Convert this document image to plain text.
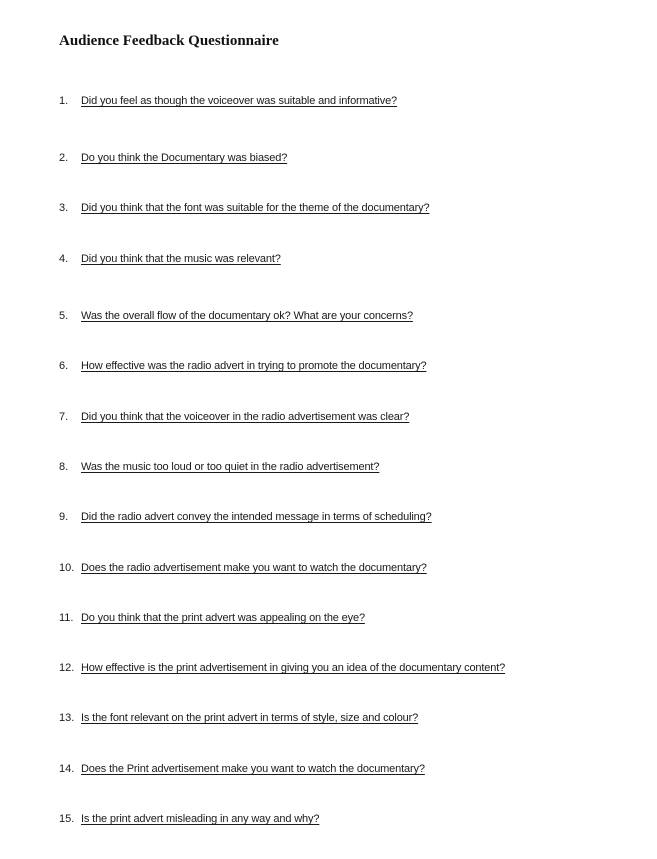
Audience Feedback Questionnaire
1.	Did you feel as though the voiceover was suitable and informative?
2.	Do you think the Documentary was biased?
3.	Did you think that the font was suitable for the theme of the documentary?
4.	Did you think that the music was relevant?
5.	Was the overall flow of the documentary ok? What are your concerns?
6.	How effective was the radio advert in trying to promote the documentary?
7.	Did you think that the voiceover in the radio advertisement was clear?
8.	Was the music too loud or too quiet in the radio advertisement?
9.	Did the radio advert convey the intended message in terms of scheduling?
10. Does the radio advertisement make you want to watch the documentary?
11. Do you think that the print advert was appealing on the eye?
12. How effective is the print advertisement in giving you an idea of the documentary content?
13. Is the font relevant on the print advert in terms of style, size and colour?
14. Does the Print advertisement make you want to watch the documentary?
15. Is the print advert misleading in any way and why?
